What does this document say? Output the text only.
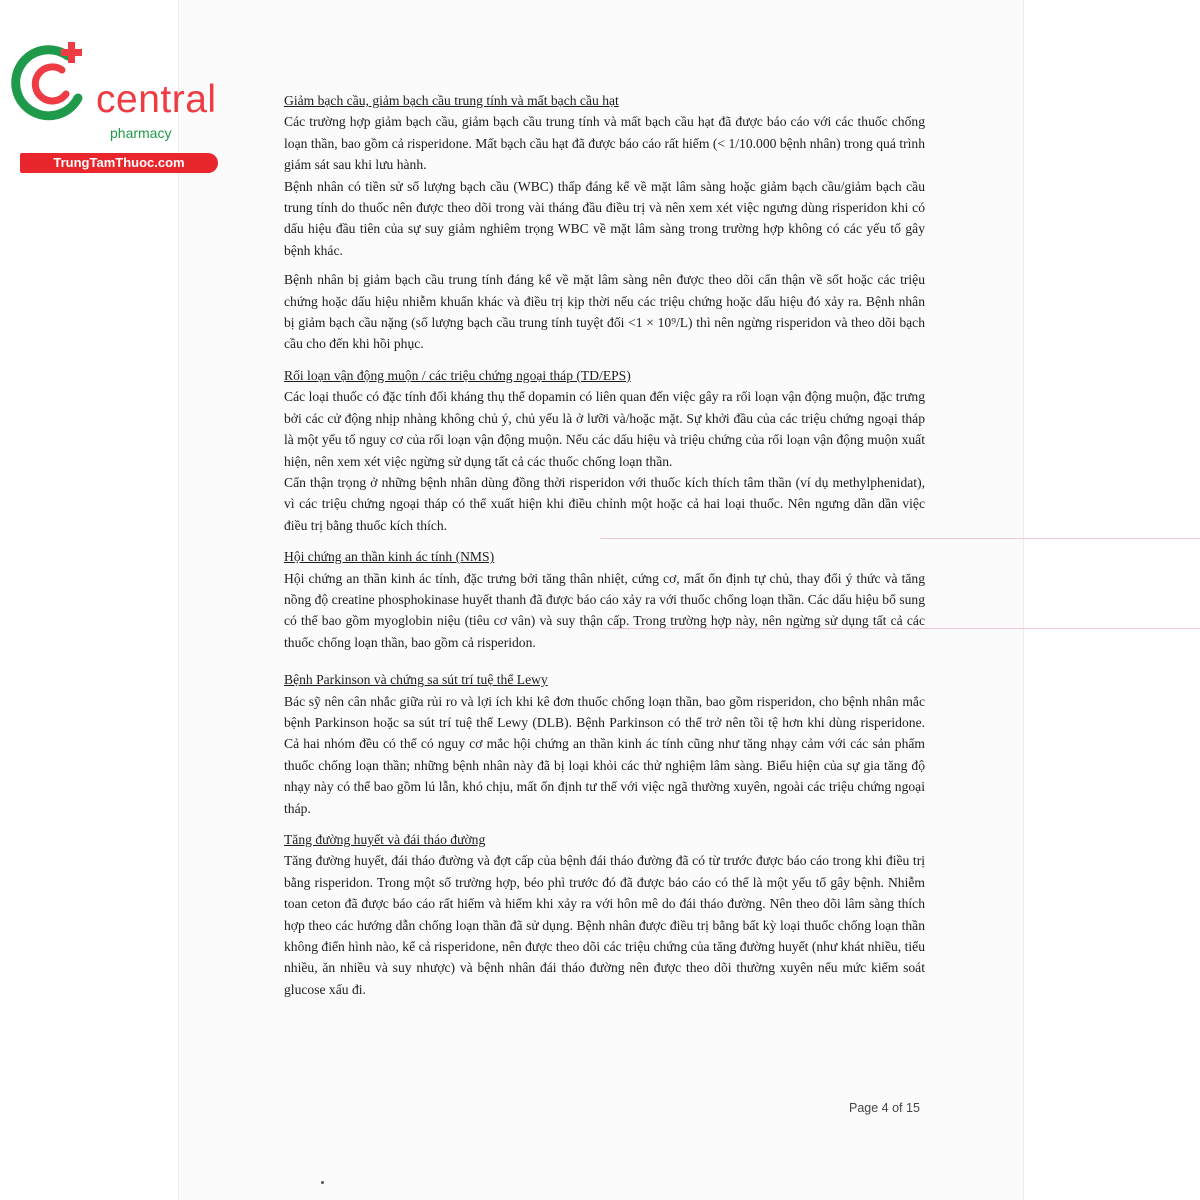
central
pharmacy
TrungTamThuoc.com

Giảm bạch cầu, giảm bạch cầu trung tính và mất bạch cầu hạt

Các trường hợp giảm bạch cầu, giảm bạch cầu trung tính và mất bạch cầu hạt đã được báo cáo với các thuốc chống loạn thần, bao gồm cả risperidone. Mất bạch cầu hạt đã được báo cáo rất hiếm (< 1/10.000 bệnh nhân) trong quá trình giám sát sau khi lưu hành.

Bệnh nhân có tiền sử số lượng bạch cầu (WBC) thấp đáng kể về mặt lâm sàng hoặc giảm bạch cầu/giảm bạch cầu trung tính do thuốc nên được theo dõi trong vài tháng đầu điều trị và nên xem xét việc ngưng dùng risperidon khi có dấu hiệu đầu tiên của sự suy giảm nghiêm trọng WBC về mặt lâm sàng trong trường hợp không có các yếu tố gây bệnh khác.

Bệnh nhân bị giảm bạch cầu trung tính đáng kể về mặt lâm sàng nên được theo dõi cẩn thận về sốt hoặc các triệu chứng hoặc dấu hiệu nhiễm khuẩn khác và điều trị kịp thời nếu các triệu chứng hoặc dấu hiệu đó xảy ra. Bệnh nhân bị giảm bạch cầu nặng (số lượng bạch cầu trung tính tuyệt đối <1 × 10⁹/L) thì nên ngừng risperidon và theo dõi bạch cầu cho đến khi hồi phục.

Rối loạn vận động muộn / các triệu chứng ngoại tháp (TD/EPS)

Các loại thuốc có đặc tính đối kháng thụ thể dopamin có liên quan đến việc gây ra rối loạn vận động muộn, đặc trưng bởi các cử động nhịp nhàng không chủ ý, chủ yếu là ở lưỡi và/hoặc mặt. Sự khởi đầu của các triệu chứng ngoại tháp là một yếu tố nguy cơ của rối loạn vận động muộn. Nếu các dấu hiệu và triệu chứng của rối loạn vận động muộn xuất hiện, nên xem xét việc ngừng sử dụng tất cả các thuốc chống loạn thần.

Cẩn thận trọng ở những bệnh nhân dùng đồng thời risperidon với thuốc kích thích tâm thần (ví dụ methylphenidat), vì các triệu chứng ngoại tháp có thể xuất hiện khi điều chỉnh một hoặc cả hai loại thuốc. Nên ngưng dần dần việc điều trị bằng thuốc kích thích.

Hội chứng an thần kinh ác tính (NMS)

Hội chứng an thần kinh ác tính, đặc trưng bởi tăng thân nhiệt, cứng cơ, mất ổn định tự chủ, thay đổi ý thức và tăng nồng độ creatine phosphokinase huyết thanh đã được báo cáo xảy ra với thuốc chống loạn thần. Các dấu hiệu bổ sung có thể bao gồm myoglobin niệu (tiêu cơ vân) và suy thận cấp. Trong trường hợp này, nên ngừng sử dụng tất cả các thuốc chống loạn thần, bao gồm cả risperidon.

Bệnh Parkinson và chứng sa sút trí tuệ thể Lewy

Bác sỹ nên cân nhắc giữa rủi ro và lợi ích khi kê đơn thuốc chống loạn thần, bao gồm risperidon, cho bệnh nhân mắc bệnh Parkinson hoặc sa sút trí tuệ thể Lewy (DLB). Bệnh Parkinson có thể trở nên tồi tệ hơn khi dùng risperidone. Cả hai nhóm đều có thể có nguy cơ mắc hội chứng an thần kinh ác tính cũng như tăng nhạy cảm với các sản phẩm thuốc chống loạn thần; những bệnh nhân này đã bị loại khỏi các thử nghiệm lâm sàng. Biểu hiện của sự gia tăng độ nhạy này có thể bao gồm lú lẫn, khó chịu, mất ổn định tư thế với việc ngã thường xuyên, ngoài các triệu chứng ngoại tháp.

Tăng đường huyết và đái tháo đường

Tăng đường huyết, đái tháo đường và đợt cấp của bệnh đái tháo đường đã có từ trước được báo cáo trong khi điều trị bằng risperidon. Trong một số trường hợp, béo phì trước đó đã được báo cáo có thể là một yếu tố gây bệnh. Nhiễm toan ceton đã được báo cáo rất hiếm và hiếm khi xảy ra với hôn mê do đái tháo đường. Nên theo dõi lâm sàng thích hợp theo các hướng dẫn chống loạn thần đã sử dụng. Bệnh nhân được điều trị bằng bất kỳ loại thuốc chống loạn thần không điển hình nào, kể cả risperidone, nên được theo dõi các triệu chứng của tăng đường huyết (như khát nhiều, tiểu nhiều, ăn nhiều và suy nhược) và bệnh nhân đái tháo đường nên được theo dõi thường xuyên nếu mức kiểm soát glucose xấu đi.

Page 4 of 15
